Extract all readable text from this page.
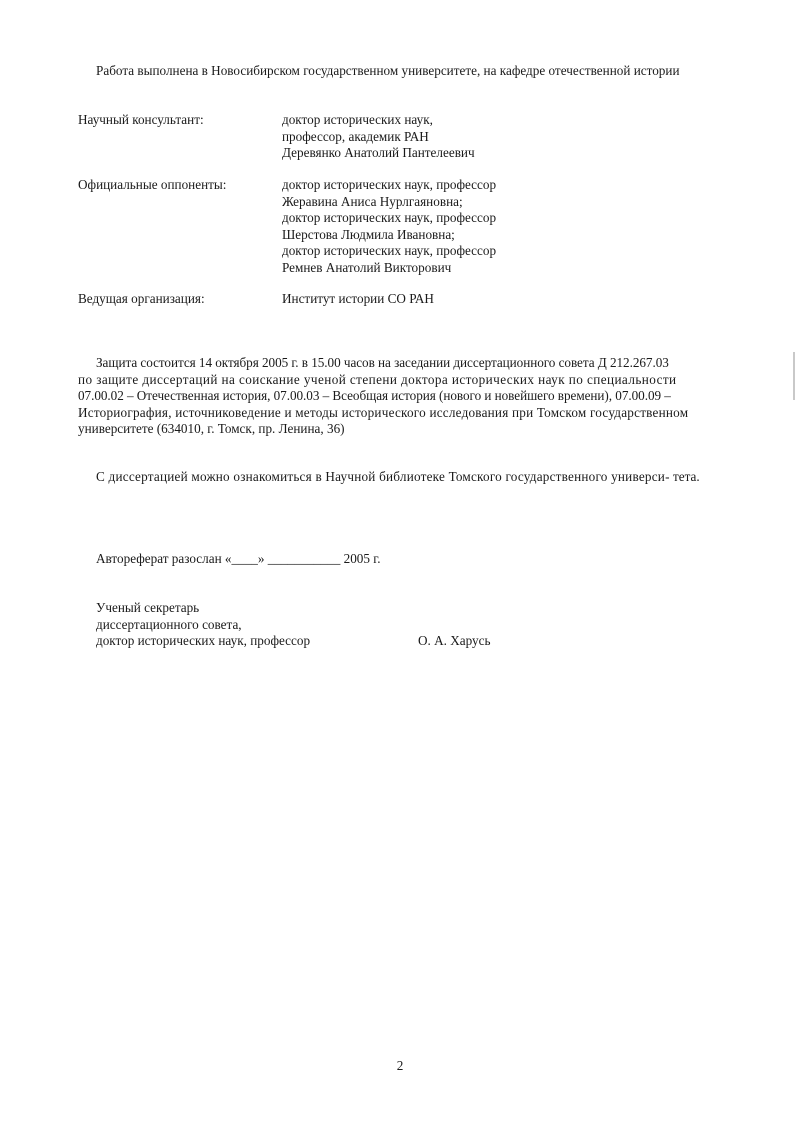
Работа выполнена в Новосибирском государственном университете, на кафедре отечественной истории
Научный консультант:	доктор исторических наук,
профессор, академик РАН
Деревянко Анатолий Пантелеевич
Официальные оппоненты:	доктор исторических наук, профессор
Жеравина Аниса Нурлгаяновна;
доктор исторических наук, профессор
Шерстова Людмила Ивановна;
доктор исторических наук, профессор
Ремнев Анатолий Викторович
Ведущая организация:	Институт истории СО РАН
Защита состоится 14 октября 2005 г. в 15.00 часов на заседании диссертационного совета Д 212.267.03
по защите диссертаций на соискание ученой степени доктора исторических наук по специальности 07.00.02 – Отечественная история, 07.00.03 – Всеобщая история (нового и новейшего времени), 07.00.09 – Историография, источниковедение и методы исторического исследования при Томском государственном университете (634010, г. Томск, пр. Ленина, 36)
С диссертацией можно ознакомиться в Научной библиотеке Томского государственного универси- тета.
Автореферат разослан «____» ___________ 2005 г.
Ученый секретарь
диссертационного совета,
доктор исторических наук, профессор	О. А. Харусь
2
